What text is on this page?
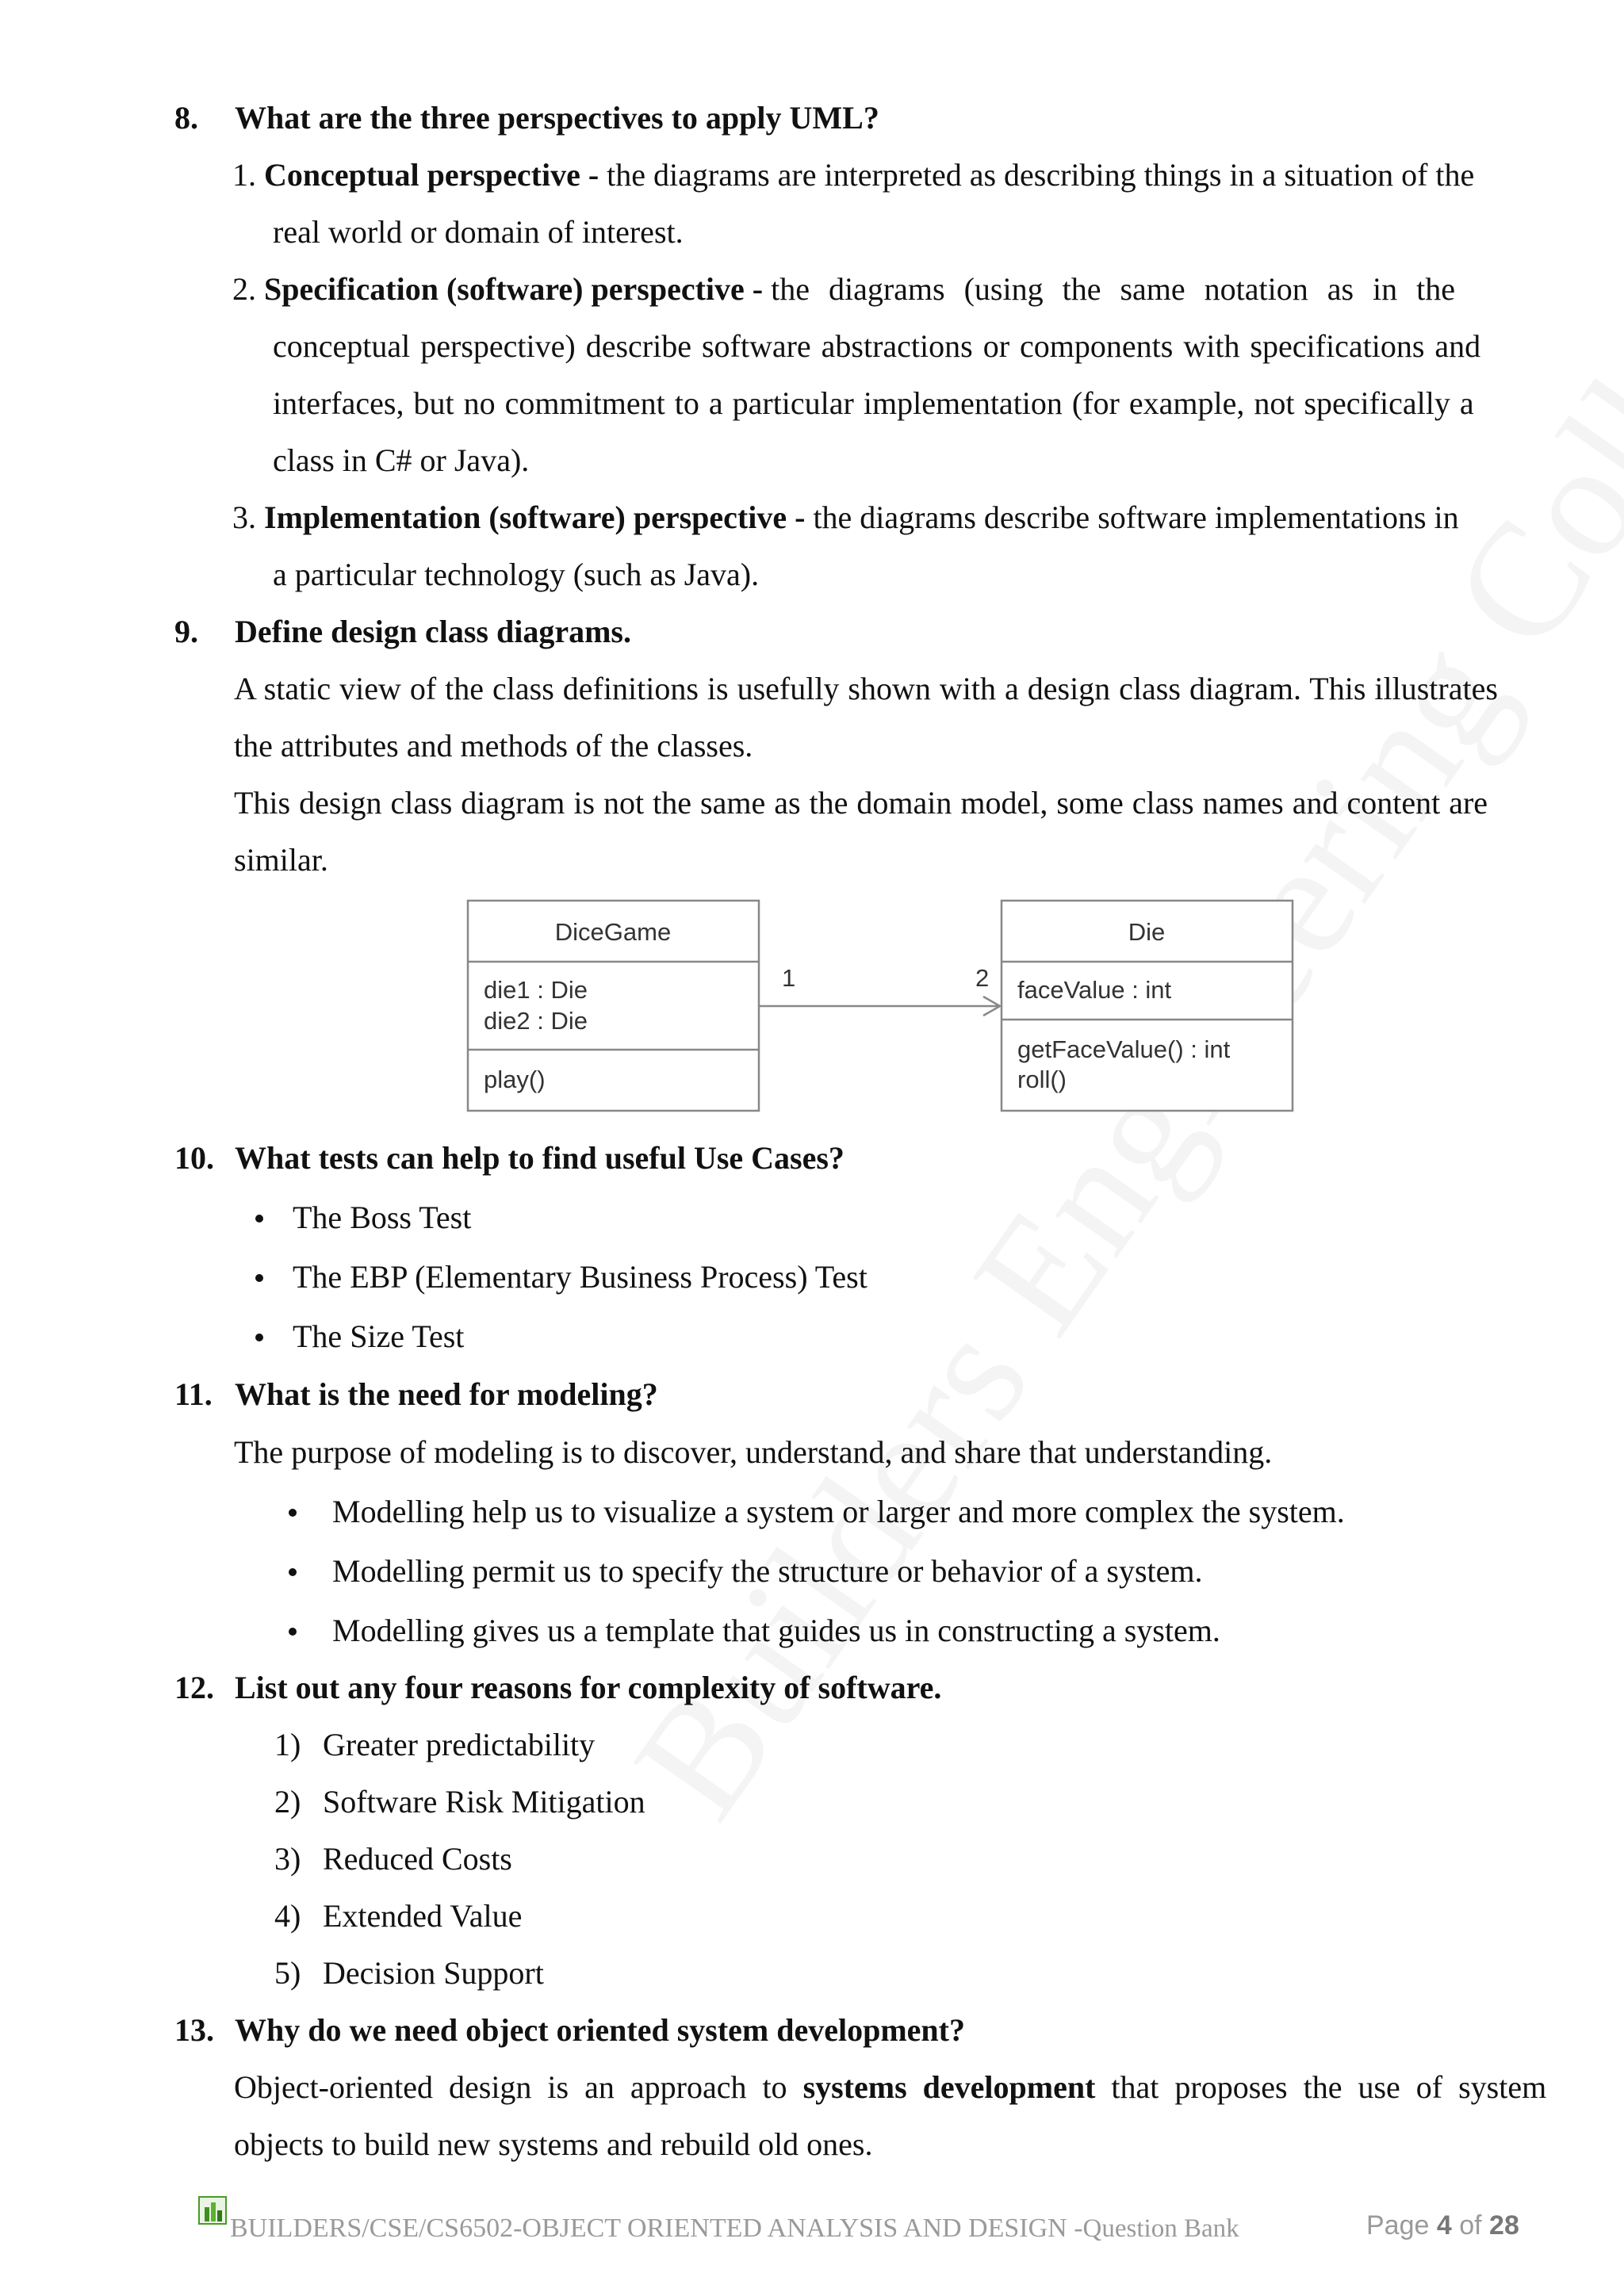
8. What are the three perspectives to apply UML?
1. Conceptual perspective - the diagrams are interpreted as describing things in a situation of the
real world or domain of interest.
2. Specification (software) perspective - the diagrams (using the same notation as in the
conceptual perspective) describe software abstractions or components with specifications and
interfaces, but no commitment to a particular implementation (for example, not specifically a
class in C# or Java).
3. Implementation (software) perspective - the diagrams describe software implementations in
a particular technology (such as Java).
9. Define design class diagrams.
A static view of the class definitions is usefully shown with a design class diagram. This illustrates
the attributes and methods of the classes.
This design class diagram is not the same as the domain model, some class names and content are
similar.
DiceGame
die1 : Die
die2 : Die
play()
Die
faceValue : int
getFaceValue() : int
roll()
1	2
10. What tests can help to find useful Use Cases?
The Boss Test
The EBP (Elementary Business Process) Test
The Size Test
11. What is the need for modeling?
The purpose of modeling is to discover, understand, and share that understanding.
Modelling help us to visualize a system or larger and more complex the system.
Modelling permit us to specify the structure or behavior of a system.
Modelling gives us a template that guides us in constructing a system.
12. List out any four reasons for complexity of software.
1) Greater predictability
2) Software Risk Mitigation
3) Reduced Costs
4) Extended Value
5) Decision Support
13. Why do we need object oriented system development?
Object-oriented design is an approach to systems development that proposes the use of system
objects to build new systems and rebuild old ones.
BUILDERS/CSE/CS6502-OBJECT ORIENTED ANALYSIS AND DESIGN -Question Bank	Page 4 of 28
